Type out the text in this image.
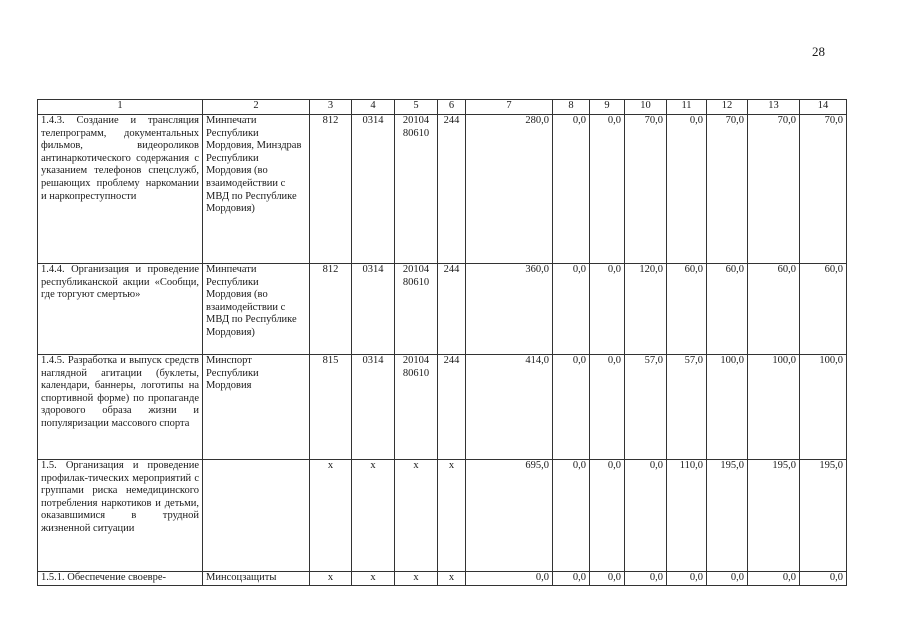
28
1	2	3	4	5	6	7	8	9	10	11	12	13	14
1.4.3. Создание и трансляция телепрограмм, документальных фильмов, видеороликов антинаркотического содержания с указанием телефонов спецслужб, решающих проблему наркомании и наркопреступности	Минпечати Республики Мордовия, Минздрав Республики Мордовия (во взаимодействии с МВД по Республике Мордовия)	812	0314	20104 80610	244	280,0	0,0	0,0	70,0	0,0	70,0	70,0	70,0
1.4.4. Организация и проведение республиканской акции «Сообщи, где торгуют смертью»	Минпечати Республики Мордовия (во взаимодействии с МВД по Республике Мордовия)	812	0314	20104 80610	244	360,0	0,0	0,0	120,0	60,0	60,0	60,0	60,0
1.4.5. Разработка и выпуск средств наглядной агитации (буклеты, календари, баннеры, логотипы на спортивной форме) по пропаганде здорового образа жизни и популяризации массового спорта	Минспорт Республики Мордовия	815	0314	20104 80610	244	414,0	0,0	0,0	57,0	57,0	100,0	100,0	100,0
1.5. Организация и проведение профилак-тических мероприятий с группами риска немедицинского потребления наркотиков и детьми, оказавшимися в трудной жизненной ситуации		х	х	х	х	695,0	0,0	0,0	0,0	110,0	195,0	195,0	195,0
1.5.1. Обеспечение своевре-	Минсоцзащиты	х	х	х	х	0,0	0,0	0,0	0,0	0,0	0,0	0,0	0,0
